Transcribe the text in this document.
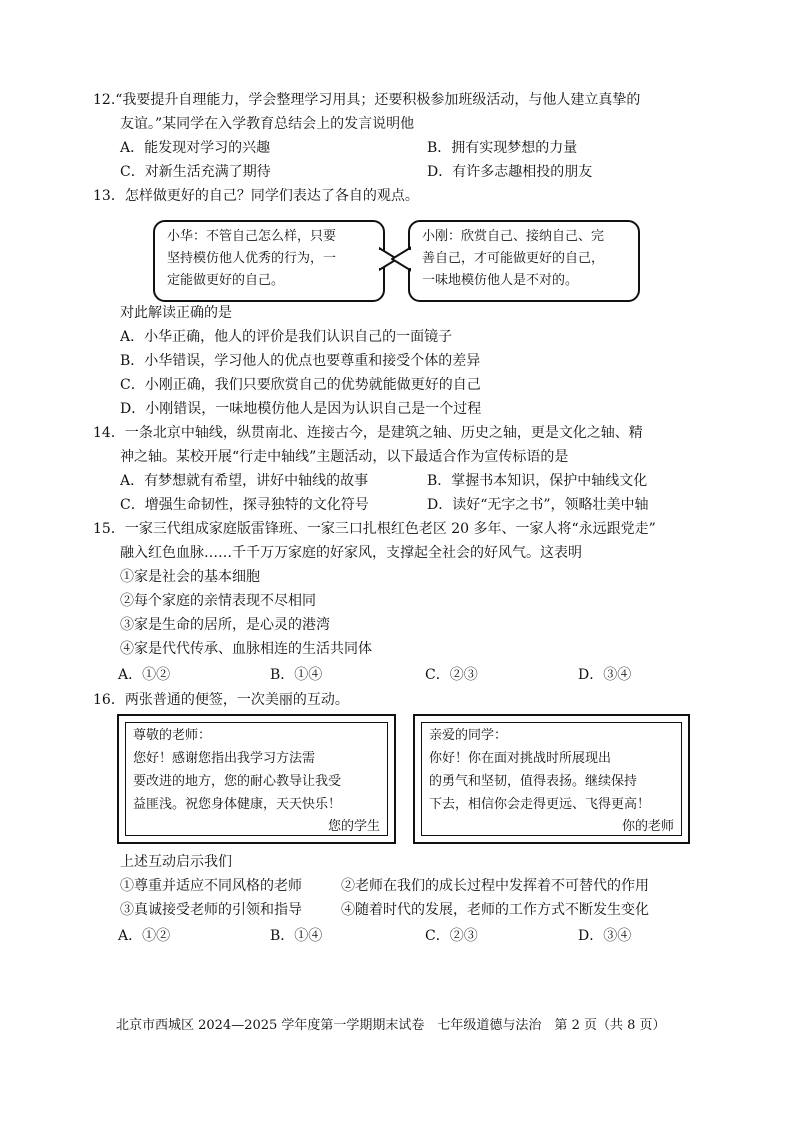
12.“我要提升自理能力，学会整理学习用具；还要积极参加班级活动，与他人建立真挚的
友谊。”某同学在入学教育总结会上的发言说明他
A．能发现对学习的兴趣	B．拥有实现梦想的力量
C．对新生活充满了期待	D．有许多志趣相投的朋友
13．怎样做更好的自己？同学们表达了各自的观点。
小华：不管自己怎么样，只要
坚持模仿他人优秀的行为，一
定能做更好的自己。
小刚：欣赏自己、接纳自己、完
善自己，才可能做更好的自己，
一味地模仿他人是不对的。
对此解读正确的是
A．小华正确，他人的评价是我们认识自己的一面镜子
B．小华错误，学习他人的优点也要尊重和接受个体的差异
C．小刚正确，我们只要欣赏自己的优势就能做更好的自己
D．小刚错误，一味地模仿他人是因为认识自己是一个过程
14．一条北京中轴线，纵贯南北、连接古今，是建筑之轴、历史之轴，更是文化之轴、精
神之轴。某校开展“行走中轴线”主题活动，以下最适合作为宣传标语的是
A．有梦想就有希望，讲好中轴线的故事	B．掌握书本知识，保护中轴线文化
C．增强生命韧性，探寻独特的文化符号	D．读好“无字之书”，领略壮美中轴
15．一家三代组成家庭版雷锋班、一家三口扎根红色老区 20 多年、一家人将“永远跟党走”
融入红色血脉……千千万万家庭的好家风，支撑起全社会的好风气。这表明
①家是社会的基本细胞
②每个家庭的亲情表现不尽相同
③家是生命的居所，是心灵的港湾
④家是代代传承、血脉相连的生活共同体
A．①②	B．①④	C．②③	D．③④
16．两张普通的便签，一次美丽的互动。
尊敬的老师：
您好！感谢您指出我学习方法需
要改进的地方，您的耐心教导让我受
益匪浅。祝您身体健康，天天快乐！
您的学生
亲爱的同学：
你好！你在面对挑战时所展现出
的勇气和坚韧，值得表扬。继续保持
下去，相信你会走得更远、飞得更高！
你的老师
上述互动启示我们
①尊重并适应不同风格的老师	②老师在我们的成长过程中发挥着不可替代的作用
③真诚接受老师的引领和指导	④随着时代的发展，老师的工作方式不断发生变化
A．①②	B．①④	C．②③	D．③④
北京市西城区 2024—2025 学年度第一学期期末试卷　七年级道德与法治　第 2 页（共 8 页）
